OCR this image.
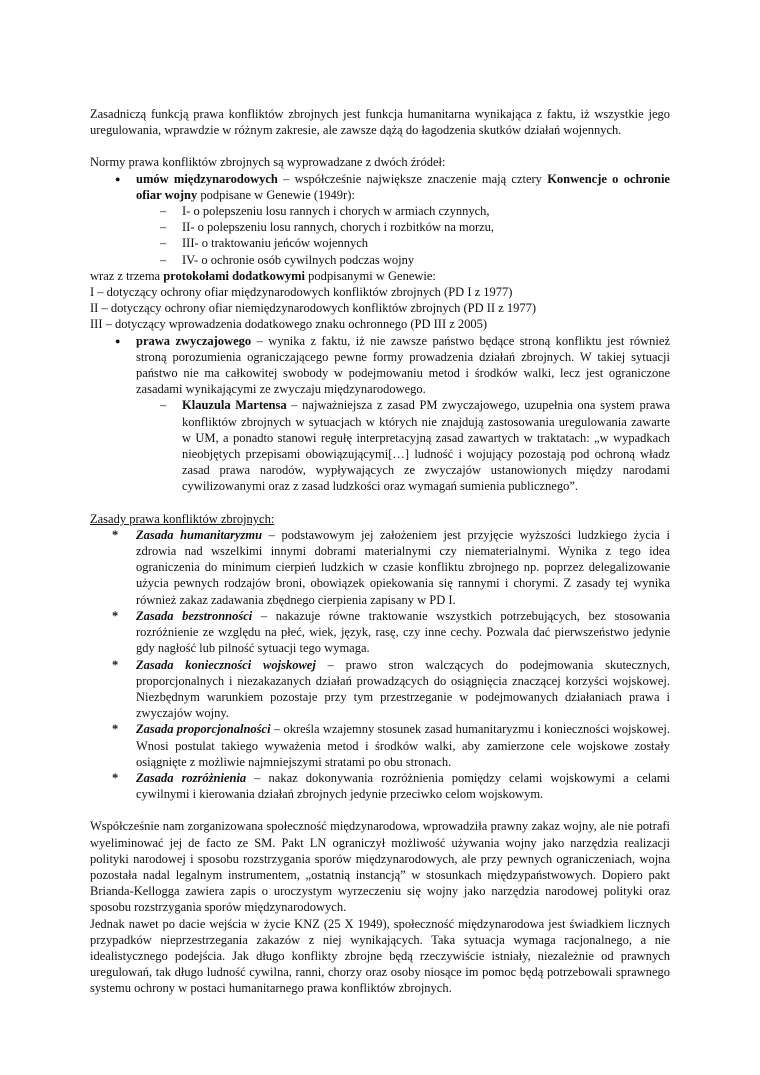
Zasadniczą funkcją prawa konfliktów zbrojnych jest funkcja humanitarna wynikająca z faktu, iż wszystkie jego uregulowania, wprawdzie w różnym zakresie, ale zawsze dążą do łagodzenia skutków działań wojennych.

Normy prawa konfliktów zbrojnych są wyprowadzane z dwóch źródeł:

● umów międzynarodowych – współcześnie największe znaczenie mają cztery Konwencje o ochronie ofiar wojny podpisane w Genewie (1949r):

– I- o polepszeniu losu rannych i chorych w armiach czynnych,
– II- o polepszeniu losu rannych, chorych i rozbitków na morzu,
– III- o traktowaniu jeńców wojennych
– IV- o ochronie osób cywilnych podczas wojny

wraz z trzema protokołami dodatkowymi podpisanymi w Genewie:

I – dotyczący ochrony ofiar międzynarodowych konfliktów zbrojnych (PD I z 1977)

II – dotyczący ochrony ofiar niemiędzynarodowych konfliktów zbrojnych (PD II z 1977)

III – dotyczący wprowadzenia dodatkowego znaku ochronnego (PD III z 2005)

● prawa zwyczajowego – wynika z faktu, iż nie zawsze państwo będące stroną konfliktu jest również stroną porozumienia ograniczającego pewne formy prowadzenia działań zbrojnych. W takiej sytuacji państwo nie ma całkowitej swobody w podejmowaniu metod i środków walki, lecz jest ograniczone zasadami wynikającymi ze zwyczaju międzynarodowego.

– Klauzula Martensa – najważniejsza z zasad PM zwyczajowego, uzupełnia ona system prawa konfliktów zbrojnych w sytuacjach w których nie znajdują zastosowania uregulowania zawarte w UM, a ponadto stanowi regułę interpretacyjną zasad zawartych w traktatach: „w wypadkach nieobjętych przepisami obowiązującymi[…] ludność i wojujący pozostają pod ochroną władz zasad prawa narodów, wypływających ze zwyczajów ustanowionych między narodami cywilizowanymi oraz z zasad ludzkości oraz wymagań sumienia publicznego”.

Zasady prawa konfliktów zbrojnych:

* Zasada humanitaryzmu – podstawowym jej założeniem jest przyjęcie wyższości ludzkiego życia i zdrowia nad wszelkimi innymi dobrami materialnymi czy niematerialnymi. Wynika z tego idea ograniczenia do minimum cierpień ludzkich w czasie konfliktu zbrojnego np. poprzez delegalizowanie użycia pewnych rodzajów broni, obowiązek opiekowania się rannymi i chorymi. Z zasady tej wynika również zakaz zadawania zbędnego cierpienia zapisany w PD I.
* Zasada bezstronności – nakazuje równe traktowanie wszystkich potrzebujących, bez stosowania rozróżnienie ze względu na płeć, wiek, język, rasę, czy inne cechy. Pozwala dać pierwszeństwo jedynie gdy nagłość lub pilność sytuacji tego wymaga.
* Zasada konieczności wojskowej – prawo stron walczących do podejmowania skutecznych, proporcjonalnych i niezakazanych działań prowadzących do osiągnięcia znaczącej korzyści wojskowej. Niezbędnym warunkiem pozostaje przy tym przestrzeganie w podejmowanych działaniach prawa i zwyczajów wojny.
* Zasada proporcjonalności – określa wzajemny stosunek zasad humanitaryzmu i konieczności wojskowej. Wnosi postulat takiego wyważenia metod i środków walki, aby zamierzone cele wojskowe zostały osiągnięte z możliwie najmniejszymi stratami po obu stronach.
* Zasada rozróżnienia – nakaz dokonywania rozróżnienia pomiędzy celami wojskowymi a celami cywilnymi i kierowania działań zbrojnych jedynie przeciwko celom wojskowym.

Współcześnie nam zorganizowana społeczność międzynarodowa, wprowadziła prawny zakaz wojny, ale nie potrafi wyeliminować jej de facto ze SM. Pakt LN ograniczył możliwość używania wojny jako narzędzia realizacji polityki narodowej i sposobu rozstrzygania sporów międzynarodowych, ale przy pewnych ograniczeniach, wojna pozostała nadal legalnym instrumentem, „ostatnią instancją” w stosunkach międzypaństwowych. Dopiero pakt Brianda-Kellogga zawiera zapis o uroczystym wyrzeczeniu się wojny jako narzędzia narodowej polityki oraz sposobu rozstrzygania sporów międzynarodowych.

Jednak nawet po dacie wejścia w życie KNZ (25 X 1949), społeczność międzynarodowa jest świadkiem licznych przypadków nieprzestrzegania zakazów z niej wynikających. Taka sytuacja wymaga racjonalnego, a nie idealistycznego podejścia. Jak długo konflikty zbrojne będą rzeczywiście istniały, niezależnie od prawnych uregulowań, tak długo ludność cywilna, ranni, chorzy oraz osoby niosące im pomoc będą potrzebowali sprawnego systemu ochrony w postaci humanitarnego prawa konfliktów zbrojnych.
